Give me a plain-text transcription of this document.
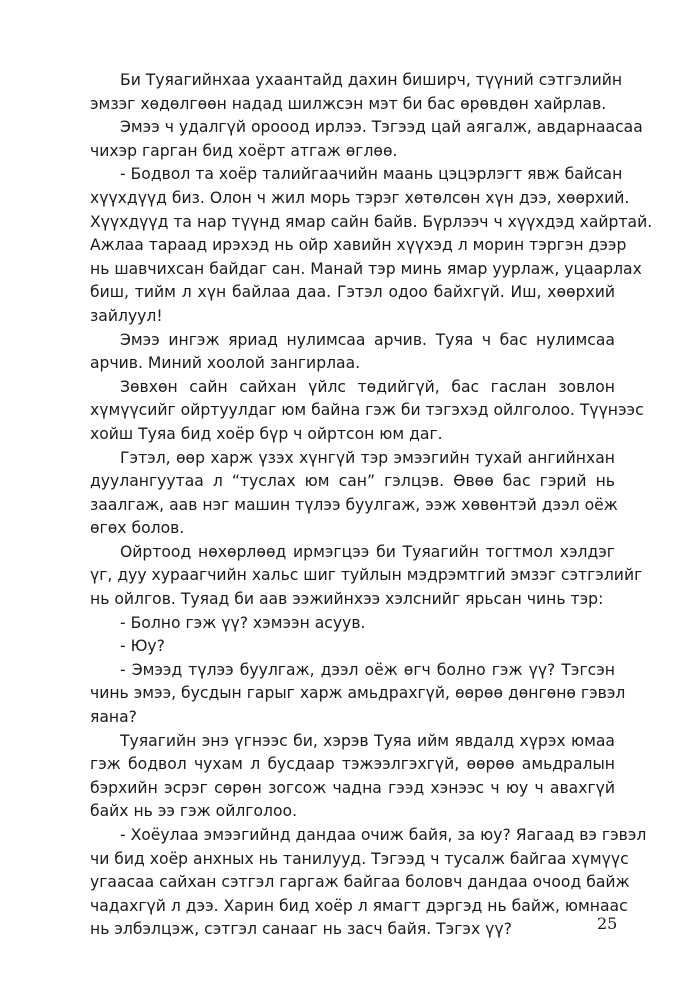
Би Туяагийнхаа ухаантайд дахин биширч, түүний сэтгэлийн
эмзэг хөдөлгөөн надад шилжсэн мэт би бас өрөвдөн хайрлав.

Эмээ ч удалгүй орооод ирлээ. Тэгээд цай аягалж, авдарнаасаа
чихэр гарган бид хоёрт атгаж өглөө.

- Бодвол та хоёр талийгаачийн маань цэцэрлэгт явж байсан
хүүхдүүд биз. Олон ч жил морь тэрэг хөтөлсөн хүн дээ, хөөрхий.
Хүүхдүүд та нар түүнд ямар сайн байв. Бүрлээч ч хүүхдэд хайртай.
Ажлаа тараад ирэхэд нь ойр хавийн хүүхэд л морин тэргэн дээр
нь шавчихсан байдаг сан. Манай тэр минь ямар уурлаж, уцаарлах
биш, тийм л хүн байлаа даа. Гэтэл одоо байхгүй. Иш, хөөрхий
зайлуул!

Эмээ ингэж яриад нулимсаа арчив. Туяа ч бас нулимсаа
арчив. Миний хоолой зангирлаа.

Зөвхөн сайн сайхан үйлс төдийгүй, бас гаслан зовлон
хүмүүсийг ойртуулдаг юм байна гэж би тэгэхэд ойлголоо. Түүнээс
хойш Туяа бид хоёр бүр ч ойртсон юм даг.

Гэтэл, өөр харж үзэх хүнгүй тэр эмээгийн тухай ангийнхан
дуулангуутаа л “туслах юм сан” гэлцэв. Өвөө бас гэрий нь
заалгаж, аав нэг машин түлээ буулгаж, ээж хөвөнтэй дээл оёж
өгөх болов.

Ойртоод нөхөрлөөд ирмэгцээ би Туяагийн тогтмол хэлдэг
үг, дуу хураагчийн хальс шиг туйлын мэдрэмтгий эмзэг сэтгэлийг
нь ойлгов. Туяад би аав ээжийнхээ хэлснийг ярьсан чинь тэр:

- Болно гэж үү? хэмээн асуув.

- Юу?

- Эмээд түлээ буулгаж, дээл оёж өгч болно гэж үү? Тэгсэн
чинь эмээ, бусдын гарыг харж амьдрахгүй, өөрөө дөнгөнө гэвэл
яана?

Туяагийн энэ үгнээс би, хэрэв Туяа ийм явдалд хүрэх юмаа
гэж бодвол чухам л бусдаар тэжээлгэхгүй, өөрөө амьдралын
бэрхийн эсрэг сөрөн зогсож чадна гээд хэнээс ч юу ч авахгүй
байх нь ээ гэж ойлголоо.

- Хоёулаа эмээгийнд дандаа очиж байя, за юу? Яагаад вэ гэвэл
чи бид хоёр анхных нь танилууд. Тэгээд ч тусалж байгаа хүмүүс
угаасаа сайхан сэтгэл гаргаж байгаа боловч дандаа очоод байж
чадахгүй л дээ. Харин бид хоёр л ямагт дэргэд нь байж, юмнаас
нь элбэлцэж, сэтгэл санааг нь засч байя. Тэгэх үү?	25
